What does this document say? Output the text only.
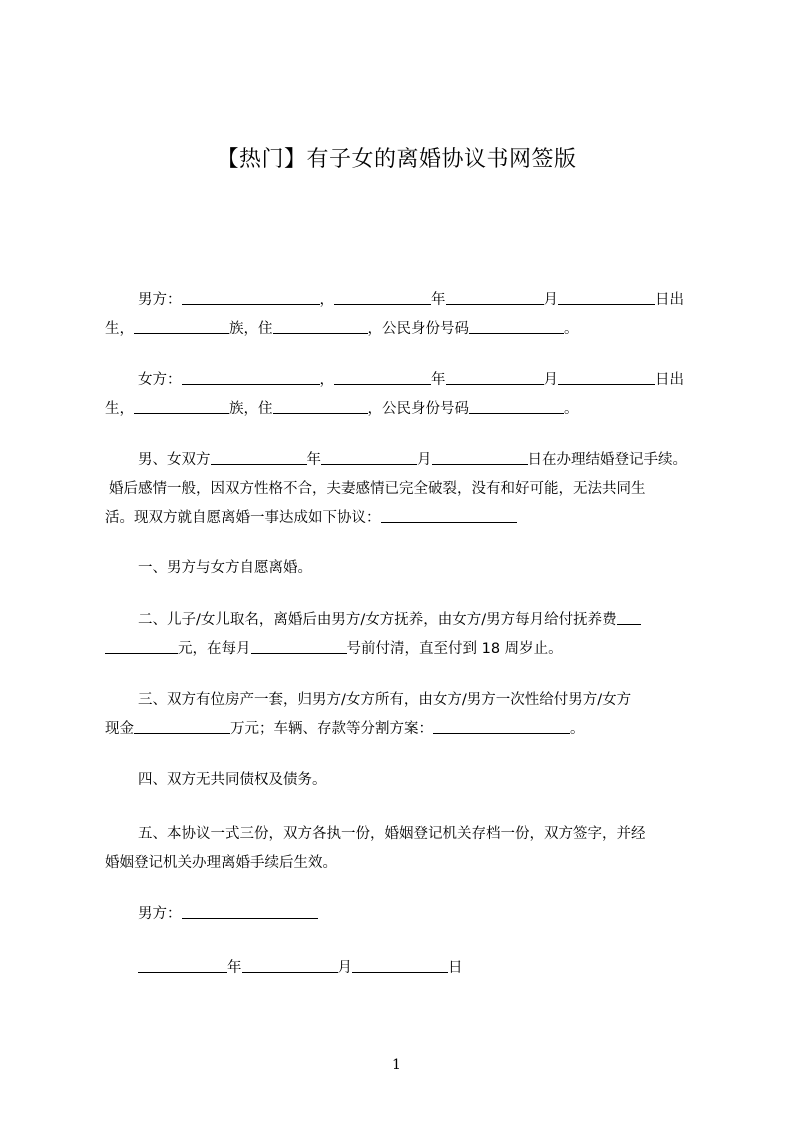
【热门】有子女的离婚协议书网签版
男方：	，	年	月	日出
生，	族，住	，公民身份号码	。
女方：	，	年	月	日出
生，	族，住	，公民身份号码	。
男、女双方	年	月	日在办理结婚登记手续。
婚后感情一般，因双方性格不合，夫妻感情已完全破裂，没有和好可能，无法共同生
活。现双方就自愿离婚一事达成如下协议：
一、男方与女方自愿离婚。
二、儿子/女儿取名，离婚后由男方/女方抚养，由女方/男方每月给付抚养费
元，在每月	号前付清，直至付到 18 周岁止。
三、双方有位房产一套，归男方/女方所有，由女方/男方一次性给付男方/女方
现金	万元；车辆、存款等分割方案：	。
四、双方无共同债权及债务。
五、本协议一式三份，双方各执一份，婚姻登记机关存档一份，双方签字，并经
婚姻登记机关办理离婚手续后生效。
男方：
年	月	日
1
